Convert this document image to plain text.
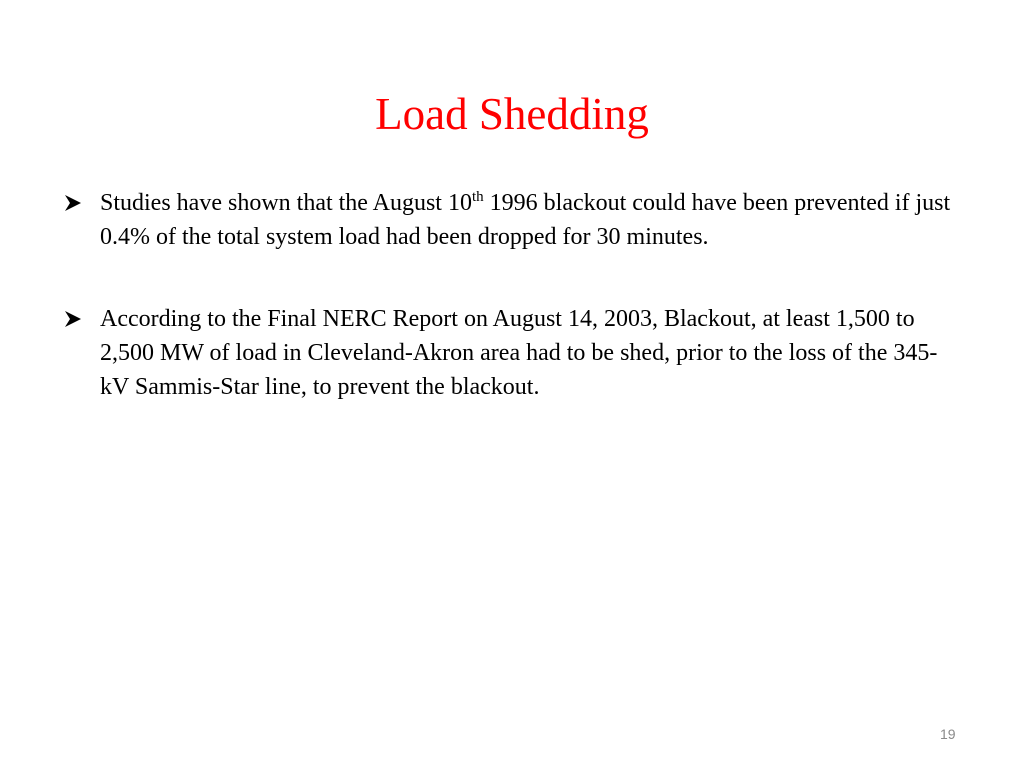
Load Shedding
Studies have shown that the August 10th 1996 blackout could have been prevented if just 0.4% of the total system load had been dropped for 30 minutes.
According to the Final NERC Report on August 14, 2003, Blackout, at least 1,500 to 2,500 MW of load in Cleveland-Akron area had to be shed, prior to the loss of the 345-kV Sammis-Star line, to prevent the blackout.
19
